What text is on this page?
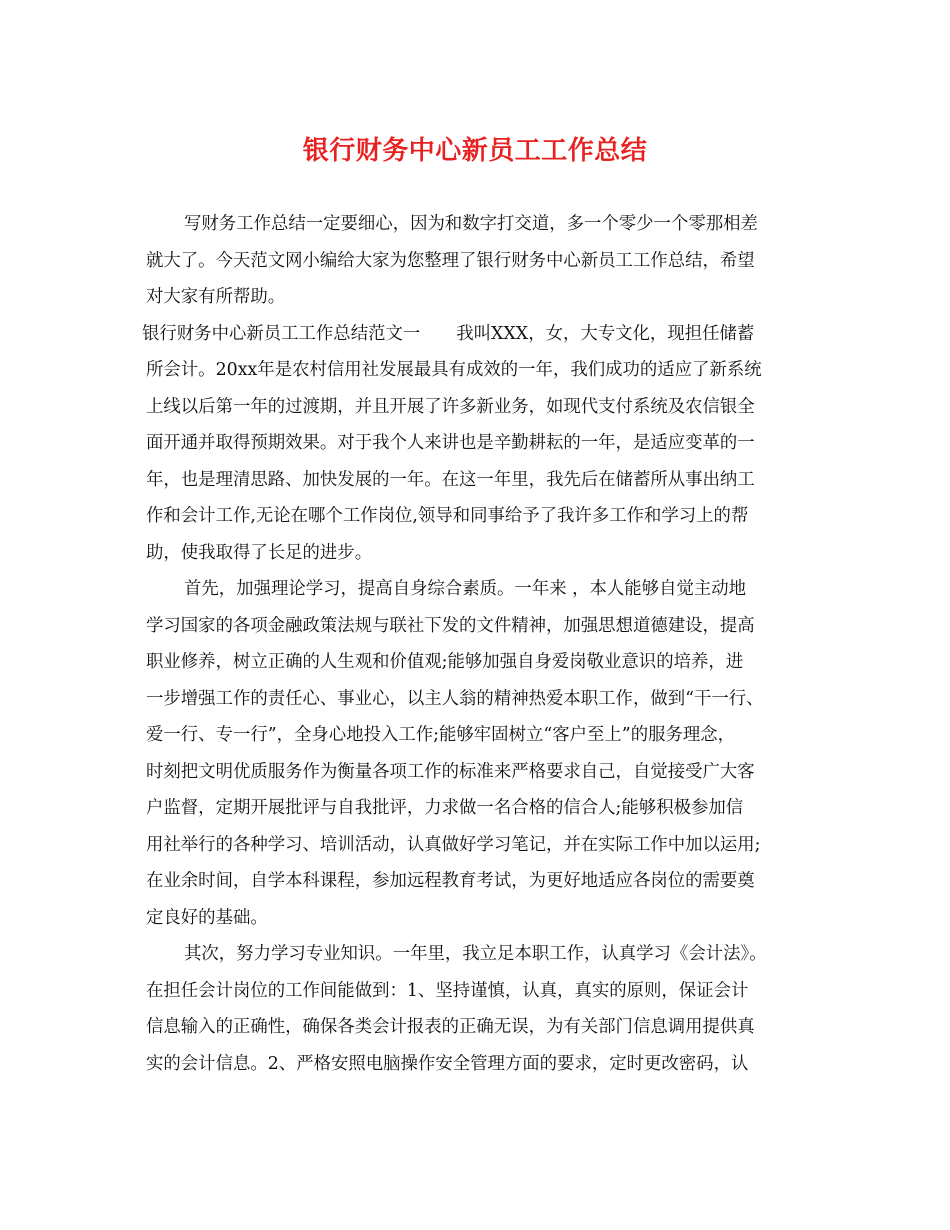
银行财务中心新员工工作总结
写财务工作总结一定要细心，因为和数字打交道，多一个零少一个零那相差
就大了。今天范文网小编给大家为您整理了银行财务中心新员工工作总结，希望
对大家有所帮助。
银行财务中心新员工工作总结范文一 我叫XXX，女，大专文化，现担任储蓄
所会计。20xx年是农村信用社发展最具有成效的一年，我们成功的适应了新系统
上线以后第一年的过渡期，并且开展了许多新业务，如现代支付系统及农信银全
面开通并取得预期效果。对于我个人来讲也是辛勤耕耘的一年，是适应变革的一
年，也是理清思路、加快发展的一年。在这一年里，我先后在储蓄所从事出纳工
作和会计工作,无论在哪个工作岗位,领导和同事给予了我许多工作和学习上的帮
助，使我取得了长足的进步。
首先，加强理论学习，提高自身综合素质。一年来 ，本人能够自觉主动地
学习国家的各项金融政策法规与联社下发的文件精神，加强思想道德建设，提高
职业修养，树立正确的人生观和价值观;能够加强自身爱岗敬业意识的培养，进
一步增强工作的责任心、事业心，以主人翁的精神热爱本职工作，做到“干一行、
爱一行、专一行”，全身心地投入工作;能够牢固树立“客户至上”的服务理念，
时刻把文明优质服务作为衡量各项工作的标准来严格要求自己，自觉接受广大客
户监督，定期开展批评与自我批评，力求做一名合格的信合人;能够积极参加信
用社举行的各种学习、培训活动，认真做好学习笔记，并在实际工作中加以运用;
在业余时间，自学本科课程，参加远程教育考试，为更好地适应各岗位的需要奠
定良好的基础。
其次，努力学习专业知识。一年里，我立足本职工作，认真学习《会计法》。
在担任会计岗位的工作间能做到：1、坚持谨慎，认真，真实的原则，保证会计
信息输入的正确性，确保各类会计报表的正确无误，为有关部门信息调用提供真
实的会计信息。2、严格安照电脑操作安全管理方面的要求，定时更改密码，认
